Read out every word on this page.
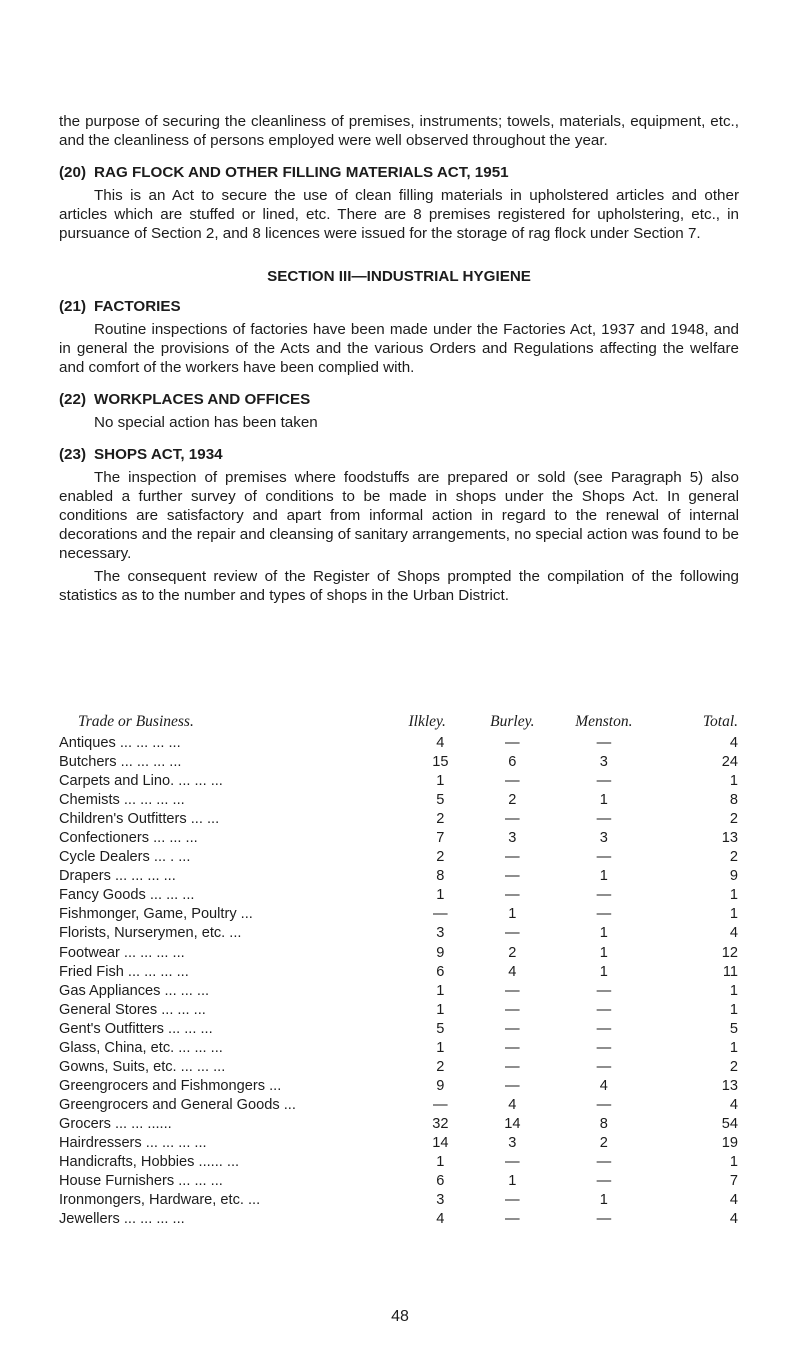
the purpose of securing the cleanliness of premises, instruments; towels, materials, equipment, etc., and the cleanliness of persons employed were well observed throughout the year.

(20) RAG FLOCK AND OTHER FILLING MATERIALS ACT, 1951

This is an Act to secure the use of clean filling materials in upholstered articles and other articles which are stuffed or lined, etc. There are 8 premises registered for upholstering, etc., in pursuance of Section 2, and 8 licences were issued for the storage of rag flock under Section 7.

SECTION III—INDUSTRIAL HYGIENE
(21) FACTORIES

Routine inspections of factories have been made under the Factories Act, 1937 and 1948, and in general the provisions of the Acts and the various Orders and Regulations affecting the welfare and comfort of the workers have been complied with.

(22) WORKPLACES AND OFFICES

No special action has been taken

(23) SHOPS ACT, 1934

The inspection of premises where foodstuffs are prepared or sold (see Paragraph 5) also enabled a further survey of conditions to be made in shops under the Shops Act. In general conditions are satisfactory and apart from informal action in regard to the renewal of internal decorations and the repair and cleansing of sanitary arrangements, no special action was found to be necessary.

The consequent review of the Register of Shops prompted the compilation of the following statistics as to the number and types of shops in the Urban District.

Trade or Business.	Ilkley.	Burley.	Menston.	Total.
Antiques ... ... ... ...	4	—	—	4
Butchers ... ... ... ...	15	6	3	24
Carpets and Lino. ... ... ...	1	—	—	1
Chemists ... ... ... ...	5	2	1	8
Children's Outfitters ... ...	2	—	—	2
Confectioners ... ... ...	7	3	3	13
Cycle Dealers ... . ...	2	—	—	2
Drapers ... ... ... ...	8	—	1	9
Fancy Goods ... ... ...	1	—	—	1
Fishmonger, Game, Poultry ...	—	1	—	1
Florists, Nurserymen, etc. ...	3	—	1	4
Footwear ... ... ... ...	9	2	1	12
Fried Fish ... ... ... ...	6	4	1	11
Gas Appliances ... ... ...	1	—	—	1
General Stores ... ... ...	1	—	—	1
Gent's Outfitters ... ... ...	5	—	—	5
Glass, China, etc. ... ... ...	1	—	—	1
Gowns, Suits, etc. ... ... ...	2	—	—	2
Greengrocers and Fishmongers ...	9	—	4	13
Greengrocers and General Goods ...	—	4	—	4
Grocers ... ... ......	32	14	8	54
Hairdressers ... ... ... ...	14	3	2	19
Handicrafts, Hobbies ...... ...	1	—	—	1
House Furnishers ... ... ...	6	1	—	7
Ironmongers, Hardware, etc. ...	3	—	1	4
Jewellers ... ... ... ...	4	—	—	4
48
